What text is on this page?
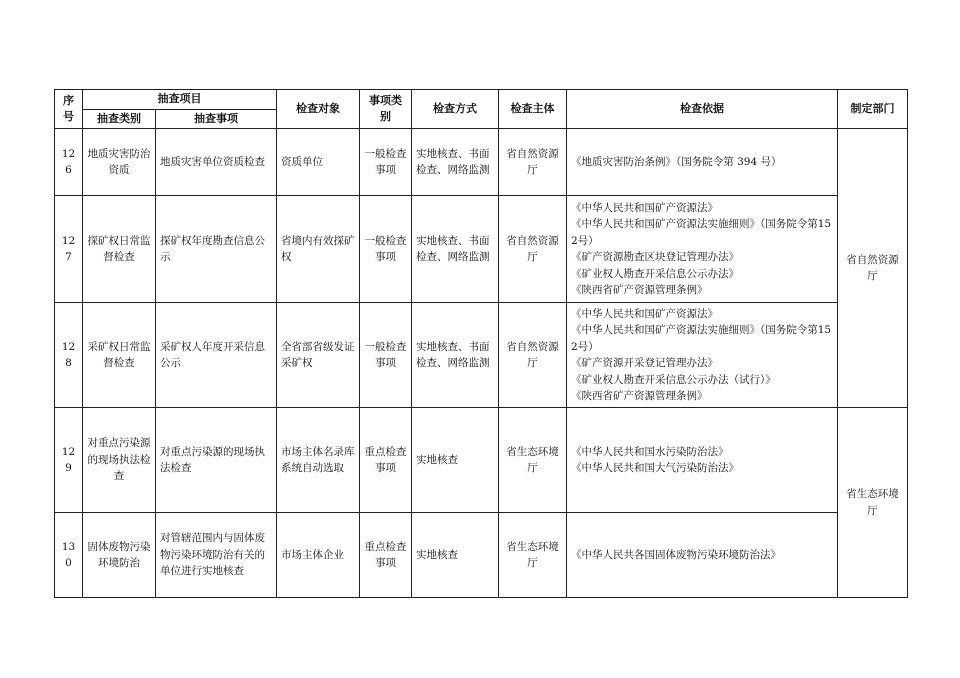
序号	抽查项目		检查对象	事项类别	检查方式	检查主体	检查依据	制定部门
	抽查类别	抽查事项						
126	地质灾害防治资质	地质灾害单位资质检查	资质单位	一般检查事项	实地核查、书面检查、网络监测	省自然资源厅	《地质灾害防治条例》（国务院令第 394 号）	省自然资源厅
127	探矿权日常监督检查	探矿权年度勘查信息公示	省境内有效探矿权	一般检查事项	实地核查、书面检查、网络监测	省自然资源厅	《中华人民共和国矿产资源法》
《中华人民共和国矿产资源法实施细则》（国务院令第152号）
《矿产资源勘查区块登记管理办法》
《矿业权人勘查开采信息公示办法》
《陕西省矿产资源管理条例》	

128	采矿权日常监督检查	采矿权人年度开采信息公示	全省部省级发证采矿权	一般检查事项	实地核查、书面检查、网络监测	省自然资源厅	《中华人民共和国矿产资源法》
《中华人民共和国矿产资源法实施细则》（国务院令第152号）
《矿产资源开采登记管理办法》
《矿业权人勘查开采信息公示办法（试行）》
《陕西省矿产资源管理条例》	

129	对重点污染源的现场执法检查	对重点污染源的现场执法检查	市场主体名录库系统自动选取	重点检查事项	实地核查	省生态环境厅	《中华人民共和国水污染防治法》
《中华人民共和国大气污染防治法》	省生态环境厅
130	固体废物污染环境防治	对管辖范围内与固体废物污染环境防治有关的单位进行实地核查	市场主体企业	重点检查事项	实地核查	省生态环境厅	《中华人民共各国固体废物污染环境防治法》	
